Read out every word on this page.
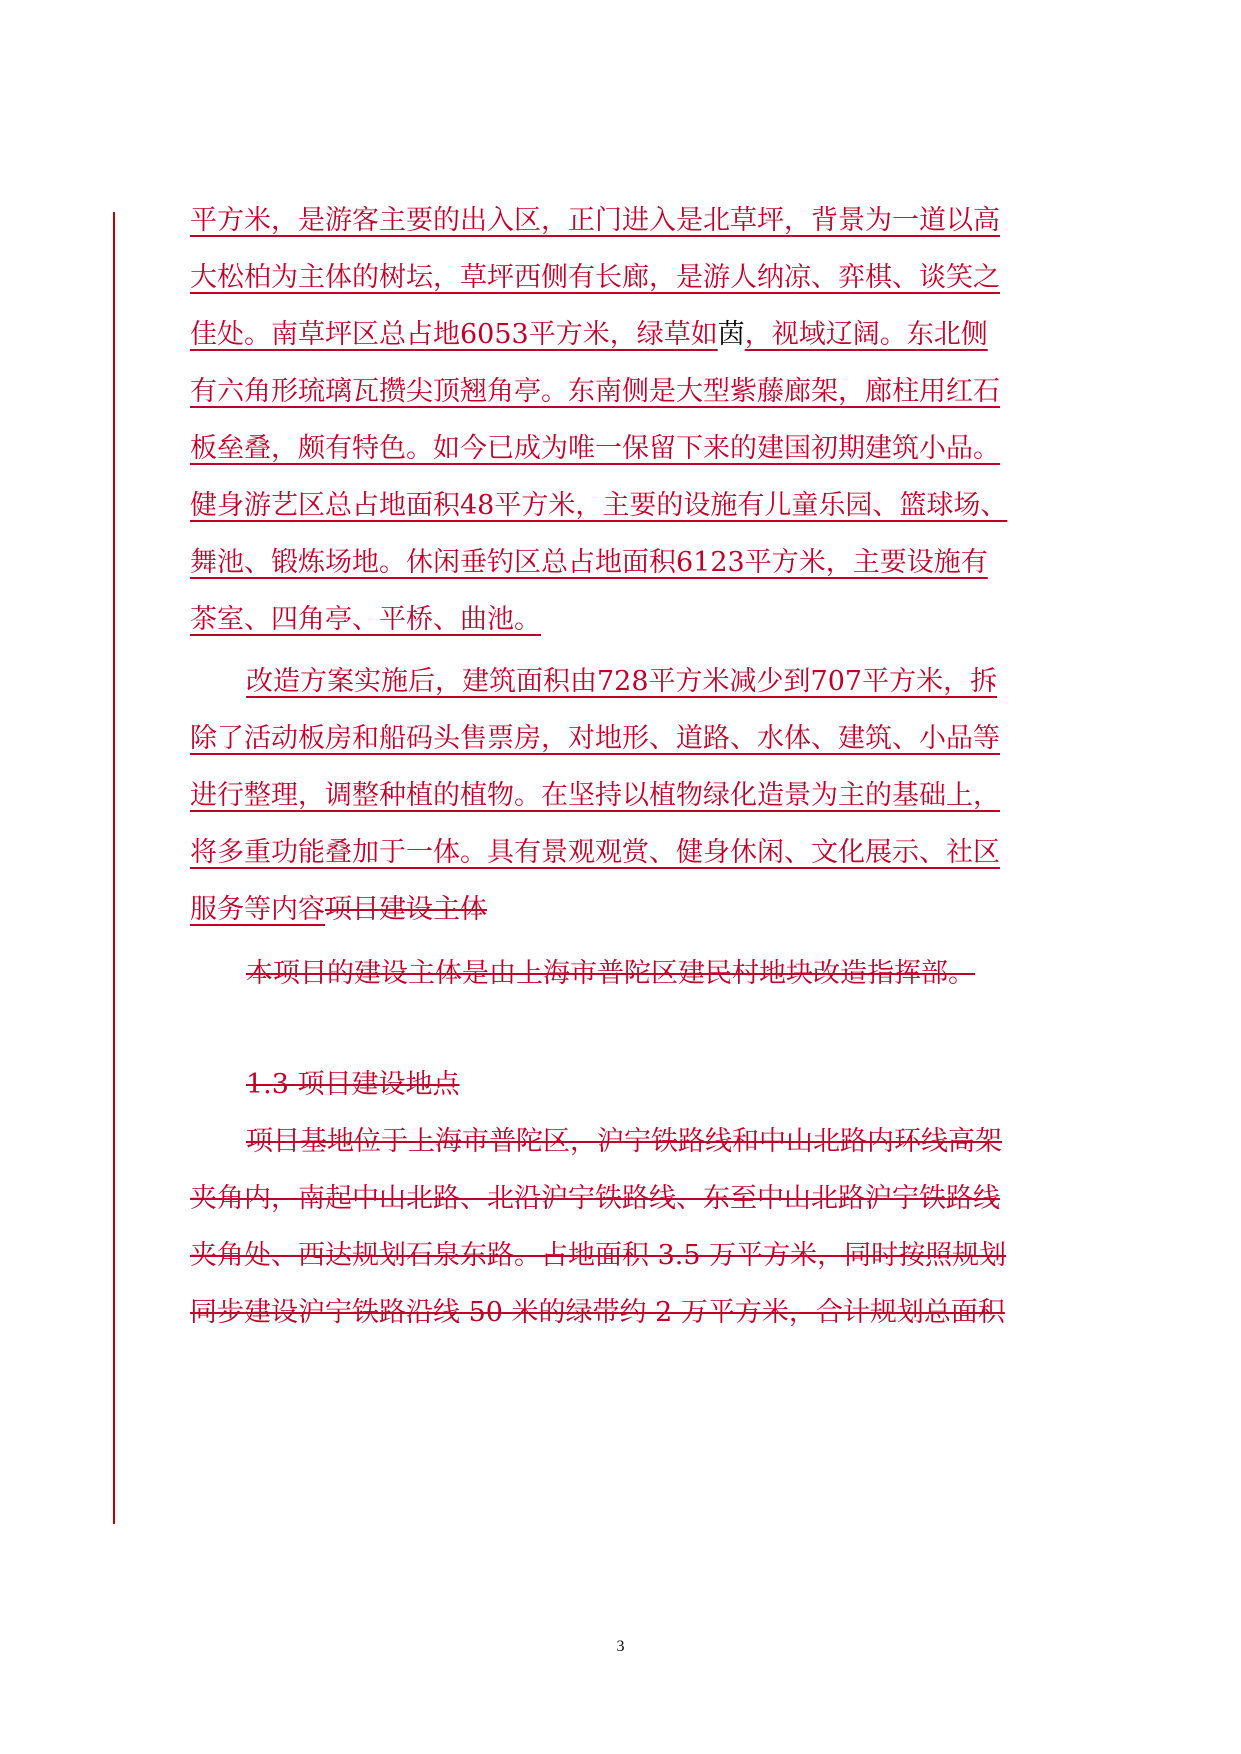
平方米，是游客主要的出入区，正门进入是北草坪，背景为一道以高
大松柏为主体的树坛，草坪西侧有长廊，是游人纳凉、弈棋、谈笑之
佳处。南草坪区总占地6053平方米，绿草如茵，视域辽阔。东北侧
有六角形琉璃瓦攒尖顶翘角亭。东南侧是大型紫藤廊架，廊柱用红石
板垒叠，颇有特色。如今已成为唯一保留下来的建国初期建筑小品。
健身游艺区总占地面积48平方米，主要的设施有儿童乐园、篮球场、
舞池、锻炼场地。休闲垂钓区总占地面积6123平方米，主要设施有
茶室、四角亭、平桥、曲池。
改造方案实施后，建筑面积由728平方米减少到707平方米，拆
除了活动板房和船码头售票房，对地形、道路、水体、建筑、小品等
进行整理，调整种植的植物。在坚持以植物绿化造景为主的基础上，
将多重功能叠加于一体。具有景观观赏、健身休闲、文化展示、社区
服务等内容项目建设主体
本项目的建设主体是由上海市普陀区建民村地块改造指挥部。
1.3 项目建设地点
项目基地位于上海市普陀区，沪宁铁路线和中山北路内环线高架
夹角内，南起中山北路、北沿沪宁铁路线、东至中山北路沪宁铁路线
夹角处、西达规划石泉东路。占地面积 3.5 万平方米，同时按照规划
同步建设沪宁铁路沿线 50 米的绿带约 2 万平方米，合计规划总面积
3
